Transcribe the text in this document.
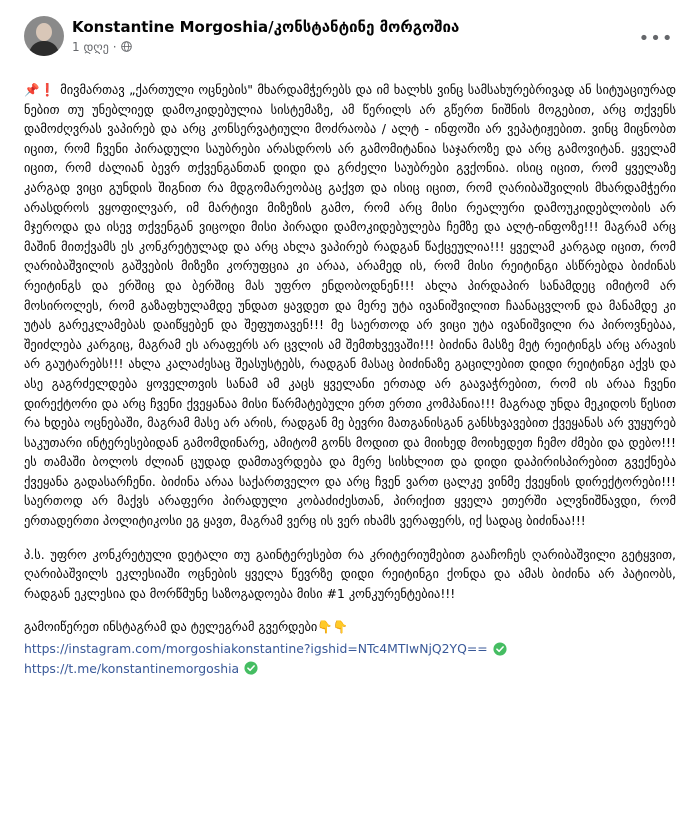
Konstantine Morgoshia/კონსტანტინე მორგოშია
1 დღე ·	•••

📌❗ მივმართავ „ქართული ოცნების" მხარდამჭერებს და იმ ხალხს ვინც სამსახურებრივად ან სიტუაციურად ნებით თუ უნებლიედ დამოკიდებულია სისტემაზე, ამ წერილს არ გწერთ ნიშნის მოგებით, არც თქვენს დამოძღვრას ვაპირებ და არც კონსერვატიული მოძრაობა / ალტ - ინფოში არ ვეპატიჟებით. ვინც მიცნობთ იცით, რომ ჩვენი პირადული საუბრები არასდროს არ გამომიტანია საჯაროზე და არც გამოვიტან. ყველამ იცით, რომ ძალიან ბევრ თქვენგანთან დიდი და გრძელი საუბრები გვქონია. ისიც იცით, რომ ყველაზე კარგად ვიცი გუნდის შიგნით რა მდგომარეობაც გაქვთ და ისიც იცით, რომ ღარიბაშვილის მხარდამჭერი არასდროს ვყოფილვარ, იმ მარტივი მიზეზის გამო, რომ არც მისი რეალური დამოუკიდებლობის არ მჯეროდა და ისევ თქვენგან ვიცოდი მისი პირადი დამოკიდებულება ჩემზე და ალტ-ინფოზე!!! მაგრამ არც მაშინ მითქვამს ეს კონკრეტულად და არც ახლა ვაპირებ რადგან წაქცეულია!!! ყველამ კარგად იცით, რომ ღარიბაშვილის გაშვების მიზეზი კორუფცია კი არაა, არამედ ის, რომ მისი რეიტინგი ასწრებდა ბიძინას რეიტინგს და ერშიც და ბერშიც მას უფრო ენდობოდნენ!!! ახლა პირდაპირ სანამდეც იმიტომ არ მოსიროლეს, რომ გაზაფხულამდე უნდათ ყავდეთ და მერე უტა ივანიშვილით ჩაანაცვლონ და მანამდე კი უტას გარეკლამებას დაიწყებენ და შეფუთავენ!!! მე საერთოდ არ ვიცი უტა ივანიშვილი რა პიროვნებაა, შეიძლება კარგიც, მაგრამ ეს არაფერს არ ცვლის ამ შემთხვევაში!!! ბიძინა მასზე მეტ რეიტინგს არც არავის არ გაუტარებს!!! ახლა კალაძესაც შეასუსტებს, რადგან მასაც ბიძინაზე გაცილებით დიდი რეიტინგი აქვს და ასე გაგრძელდება ყოველთვის სანამ ამ კაცს ყველანი ერთად არ გაავაჭრებით, რომ ის არაა ჩვენი დირექტორი და არც ჩვენი ქვეყანაა მისი წარმატებული ერთ ერთი კომპანია!!! მაგრად უნდა მეკიდოს წესით რა ხდება ოცნებაში, მაგრამ მასე არ არის, რადგან მე ბევრი მათგანისგან განსხვავებით ქვეყანას არ ვუყურებ საკუთარი ინტერესებიდან გამომდინარე, ამიტომ გონს მოდით და მიიხედ მოიხედეთ ჩემო ძმები და დებო!!! ეს თამაში ბოლოს ძლიან ცუდად დამთავრდება და მერე სისხლით და დიდი დაპირისპირებით გვექნება ქვეყანა გადასარჩენი. ბიძინა არაა საქართველო და არც ჩვენ ვართ ცალკე ვინმე ქვეყნის დირექტორები!!! საერთოდ არ მაქვს არაფერი პირადული კობაძიძესთან, პირიქით ყველა ეთერში ალვნიშნავდი, რომ ერთადერთი პოლიტიკოსი ეგ ყავთ, მაგრამ ვერც ის ვერ იხამს ვერაფერს, იქ სადაც ბიძინაა!!!

პ.ს. უფრო კონკრეტული დეტალი თუ გაინტერესებთ რა კრიტერიუმებით გააჩოჩეს ღარიბაშვილი გეტყვით, ღარიბაშვილს ეკლესიაში ოცნების ყველა წევრზე დიდი რეიტინგი ქონდა და ამას ბიძინა არ პატიობს, რადგან ეკლესია და მორწმუნე საზოგადოება მისი #1 კონკურენტებია!!!

გამოიწერეთ ინსტაგრამ და ტელეგრამ გვერდები👇👇

https://instagram.com/morgoshiakonstantine?igshid=NTc4MTIwNjQ2YQ==
https://t.me/konstantinemorgoshia
